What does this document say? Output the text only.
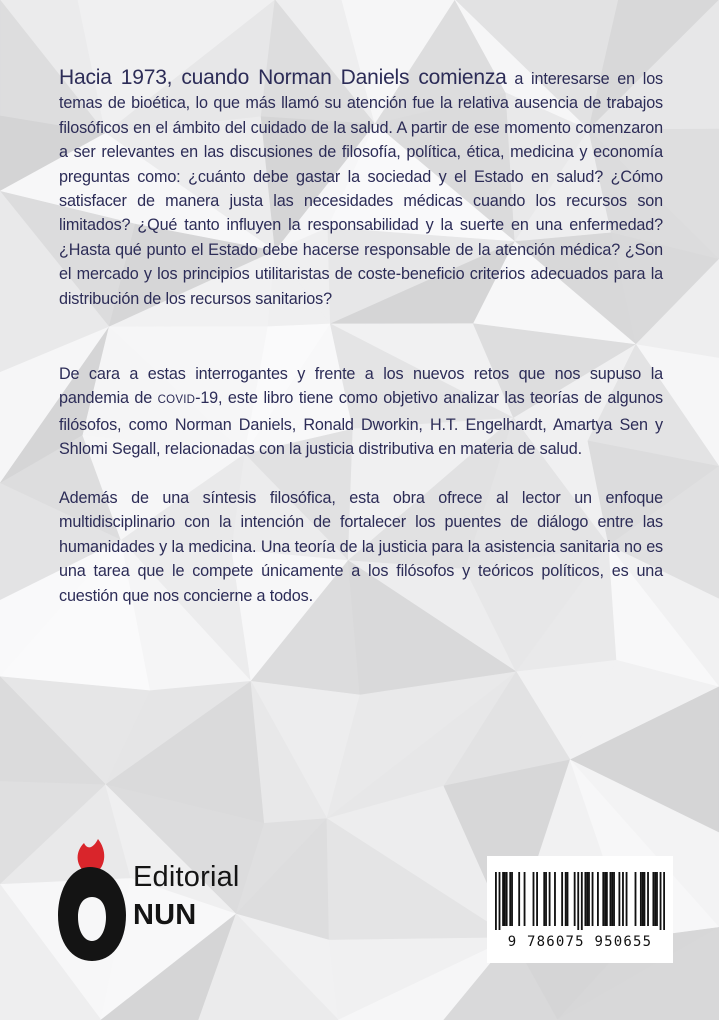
Hacia 1973, cuando Norman Daniels comienza a interesarse en los temas de bioética, lo que más llamó su atención fue la relativa ausencia de trabajos filosóficos en el ámbito del cuidado de la salud. A partir de ese momento comenzaron a ser relevantes en las discusiones de filosofía, política, ética, medicina y economía preguntas como: ¿cuánto debe gastar la sociedad y el Estado en salud? ¿Cómo satisfacer de manera justa las necesidades médicas cuando los recursos son limitados? ¿Qué tanto influyen la responsabilidad y la suerte en una enfermedad? ¿Hasta qué punto el Estado debe hacerse responsable de la atención médica? ¿Son el mercado y los principios utilitaristas de coste-beneficio criterios adecuados para la distribución de los recursos sanitarios?
De cara a estas interrogantes y frente a los nuevos retos que nos supuso la pandemia de COVID-19, este libro tiene como objetivo analizar las teorías de algunos filósofos, como Norman Daniels, Ronald Dworkin, H.T. Engelhardt, Amartya Sen y Shlomi Segall, relacionadas con la justicia distributiva en materia de salud.
Además de una síntesis filosófica, esta obra ofrece al lector un enfoque multidisciplinario con la intención de fortalecer los puentes de diálogo entre las humanidades y la medicina. Una teoría de la justicia para la asistencia sanitaria no es una tarea que le compete únicamente a los filósofos y teóricos políticos, es una cuestión que nos concierne a todos.
Editorial
NUN
9 786075 950655
